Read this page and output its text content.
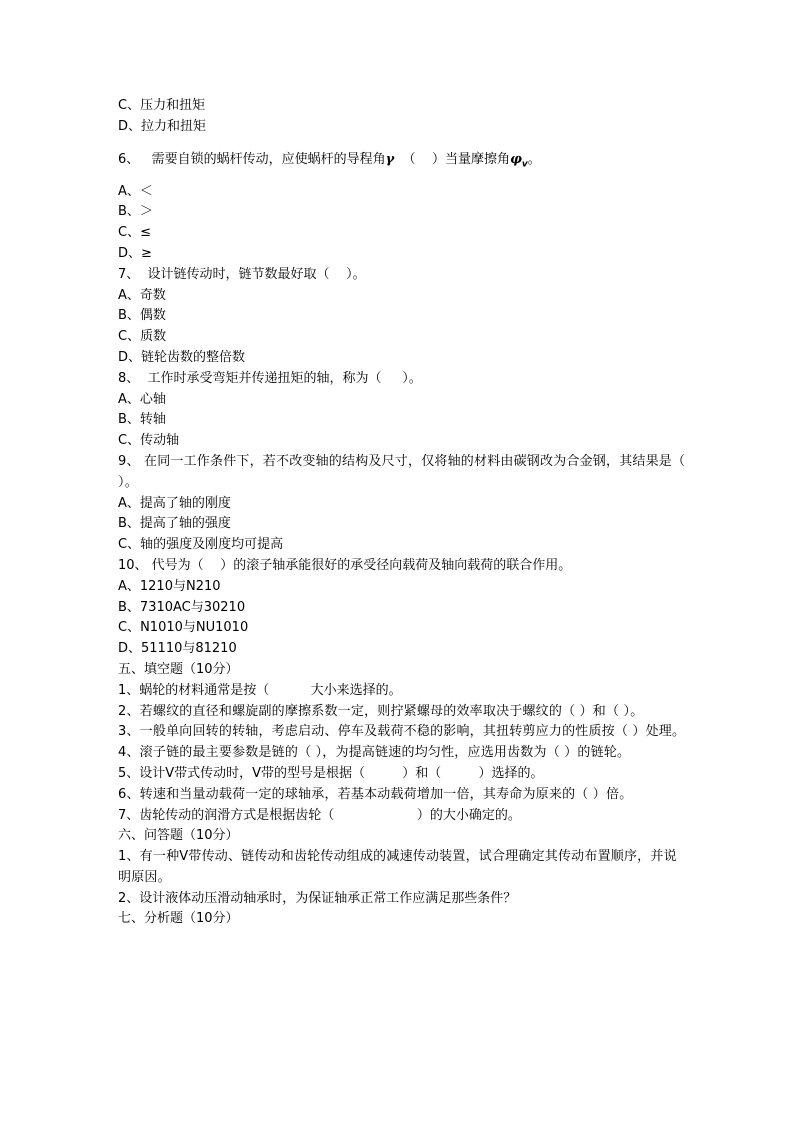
C、压力和扭矩
D、拉力和扭矩
6、   需要自锁的蜗杆传动，应使蜗杆的导程角γ  （    ）当量摩擦角$\varphi_v$。
A、＜
B、＞
C、≤
D、≥
7、  设计链传动时，链节数最好取（    ）。
A、奇数
B、偶数
C、质数
D、链轮齿数的整倍数
8、  工作时承受弯矩并传递扭矩的轴，称为（     ）。
A、心轴
B、转轴
C、传动轴
9、 在同一工作条件下，若不改变轴的结构及尺寸，仅将轴的材料由碳钢改为合金钢，其结果是（ ）。
A、提高了轴的刚度
B、提高了轴的强度
C、轴的强度及刚度均可提高
10、 代号为（    ）的滚子轴承能很好的承受径向载荷及轴向载荷的联合作用。
A、1210与N210
B、7310AC与30210
C、N1010与NU1010
D、51110与81210
五、填空题（10分）
1、蜗轮的材料通常是按（          大小来选择的。
2、若螺纹的直径和螺旋副的摩擦系数一定，则拧紧螺母的效率取决于螺纹的（ ）和（ ）。
3、一般单向回转的转轴，考虑启动、停车及载荷不稳的影响，其扭转剪应力的性质按（ ）处理。
4、滚子链的最主要参数是链的（ ），为提高链速的均匀性，应选用齿数为（ ）的链轮。
5、设计V带式传动时，V带的型号是根据（         ）和（         ）选择的。
6、转速和当量动载荷一定的球轴承，若基本动载荷增加一倍，其寿命为原来的（ ）倍。
7、齿轮传动的润滑方式是根据齿轮（                    ）的大小确定的。
六、问答题（10分）
1、有一种V带传动、链传动和齿轮传动组成的减速传动装置，试合理确定其传动布置顺序，并说明原因。
2、设计液体动压滑动轴承时，为保证轴承正常工作应满足那些条件？
七、分析题（10分）
